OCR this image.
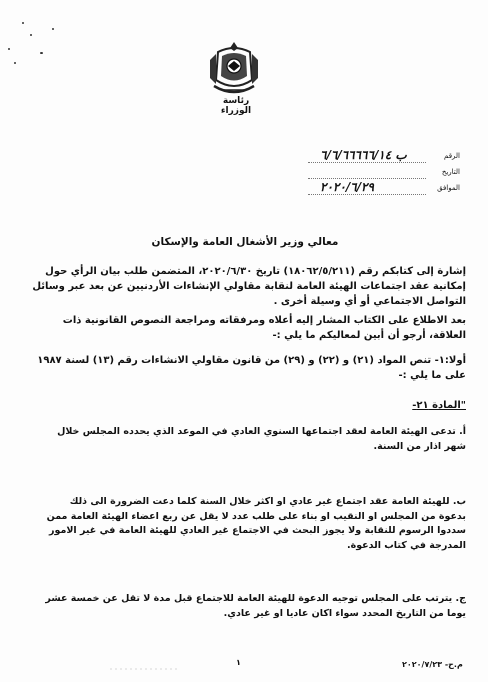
رئاسة الوزراء
الرقم
التاريخ
الموافق
ب ٦/٦/٦٦٦٦٦/١٤
٢٠٢٠/٦/٢٩
معالي وزير الأشغال العامة والإسكان
إشارة إلى كتابكم رقم (١٨٠٦٢/٥/٢١١) تاريخ ٢٠٢٠/٦/٣٠، المتضمن طلب بيان الرأي حول إمكانية عقد اجتماعات الهيئة العامة لنقابة مقاولي الإنشاءات الأردنيين عن بعد عبر وسائل التواصل الاجتماعي أو أي وسيلة أخرى .
بعد الاطلاع على الكتاب المشار إليه أعلاه ومرفقاته ومراجعة النصوص القانونية ذات العلاقة، أرجو أن أبين لمعاليكم ما يلي :-
أولا:١- تنص المواد (٢١) و (٢٢) و (٢٩) من قانون مقاولي الانشاءات رقم (١٣) لسنة ١٩٨٧ على ما يلي :-
"المادة ٢١-
أ. تدعى الهيئة العامة لعقد اجتماعها السنوي العادي في الموعد الذي يحدده المجلس خلال شهر اذار من السنة.
ب. للهيئة العامة عقد اجتماع غير عادي او اكثر خلال السنة كلما دعت الضرورة الى ذلك بدعوة من المجلس او النقيب او بناء على طلب عدد لا يقل عن ربع اعضاء الهيئة العامة ممن سددوا الرسوم للنقابة ولا يجوز البحث في الاجتماع غير العادي للهيئة العامة في غير الامور المدرجة في كتاب الدعوة.
ج. يترتب على المجلس توجيه الدعوة للهيئة العامة للاجتماع قبل مدة لا تقل عن خمسة عشر يوما من التاريخ المحدد سواء اكان عاديا او غير عادي.
١	م.ح- ٢٠٢٠/٧/٢٣
